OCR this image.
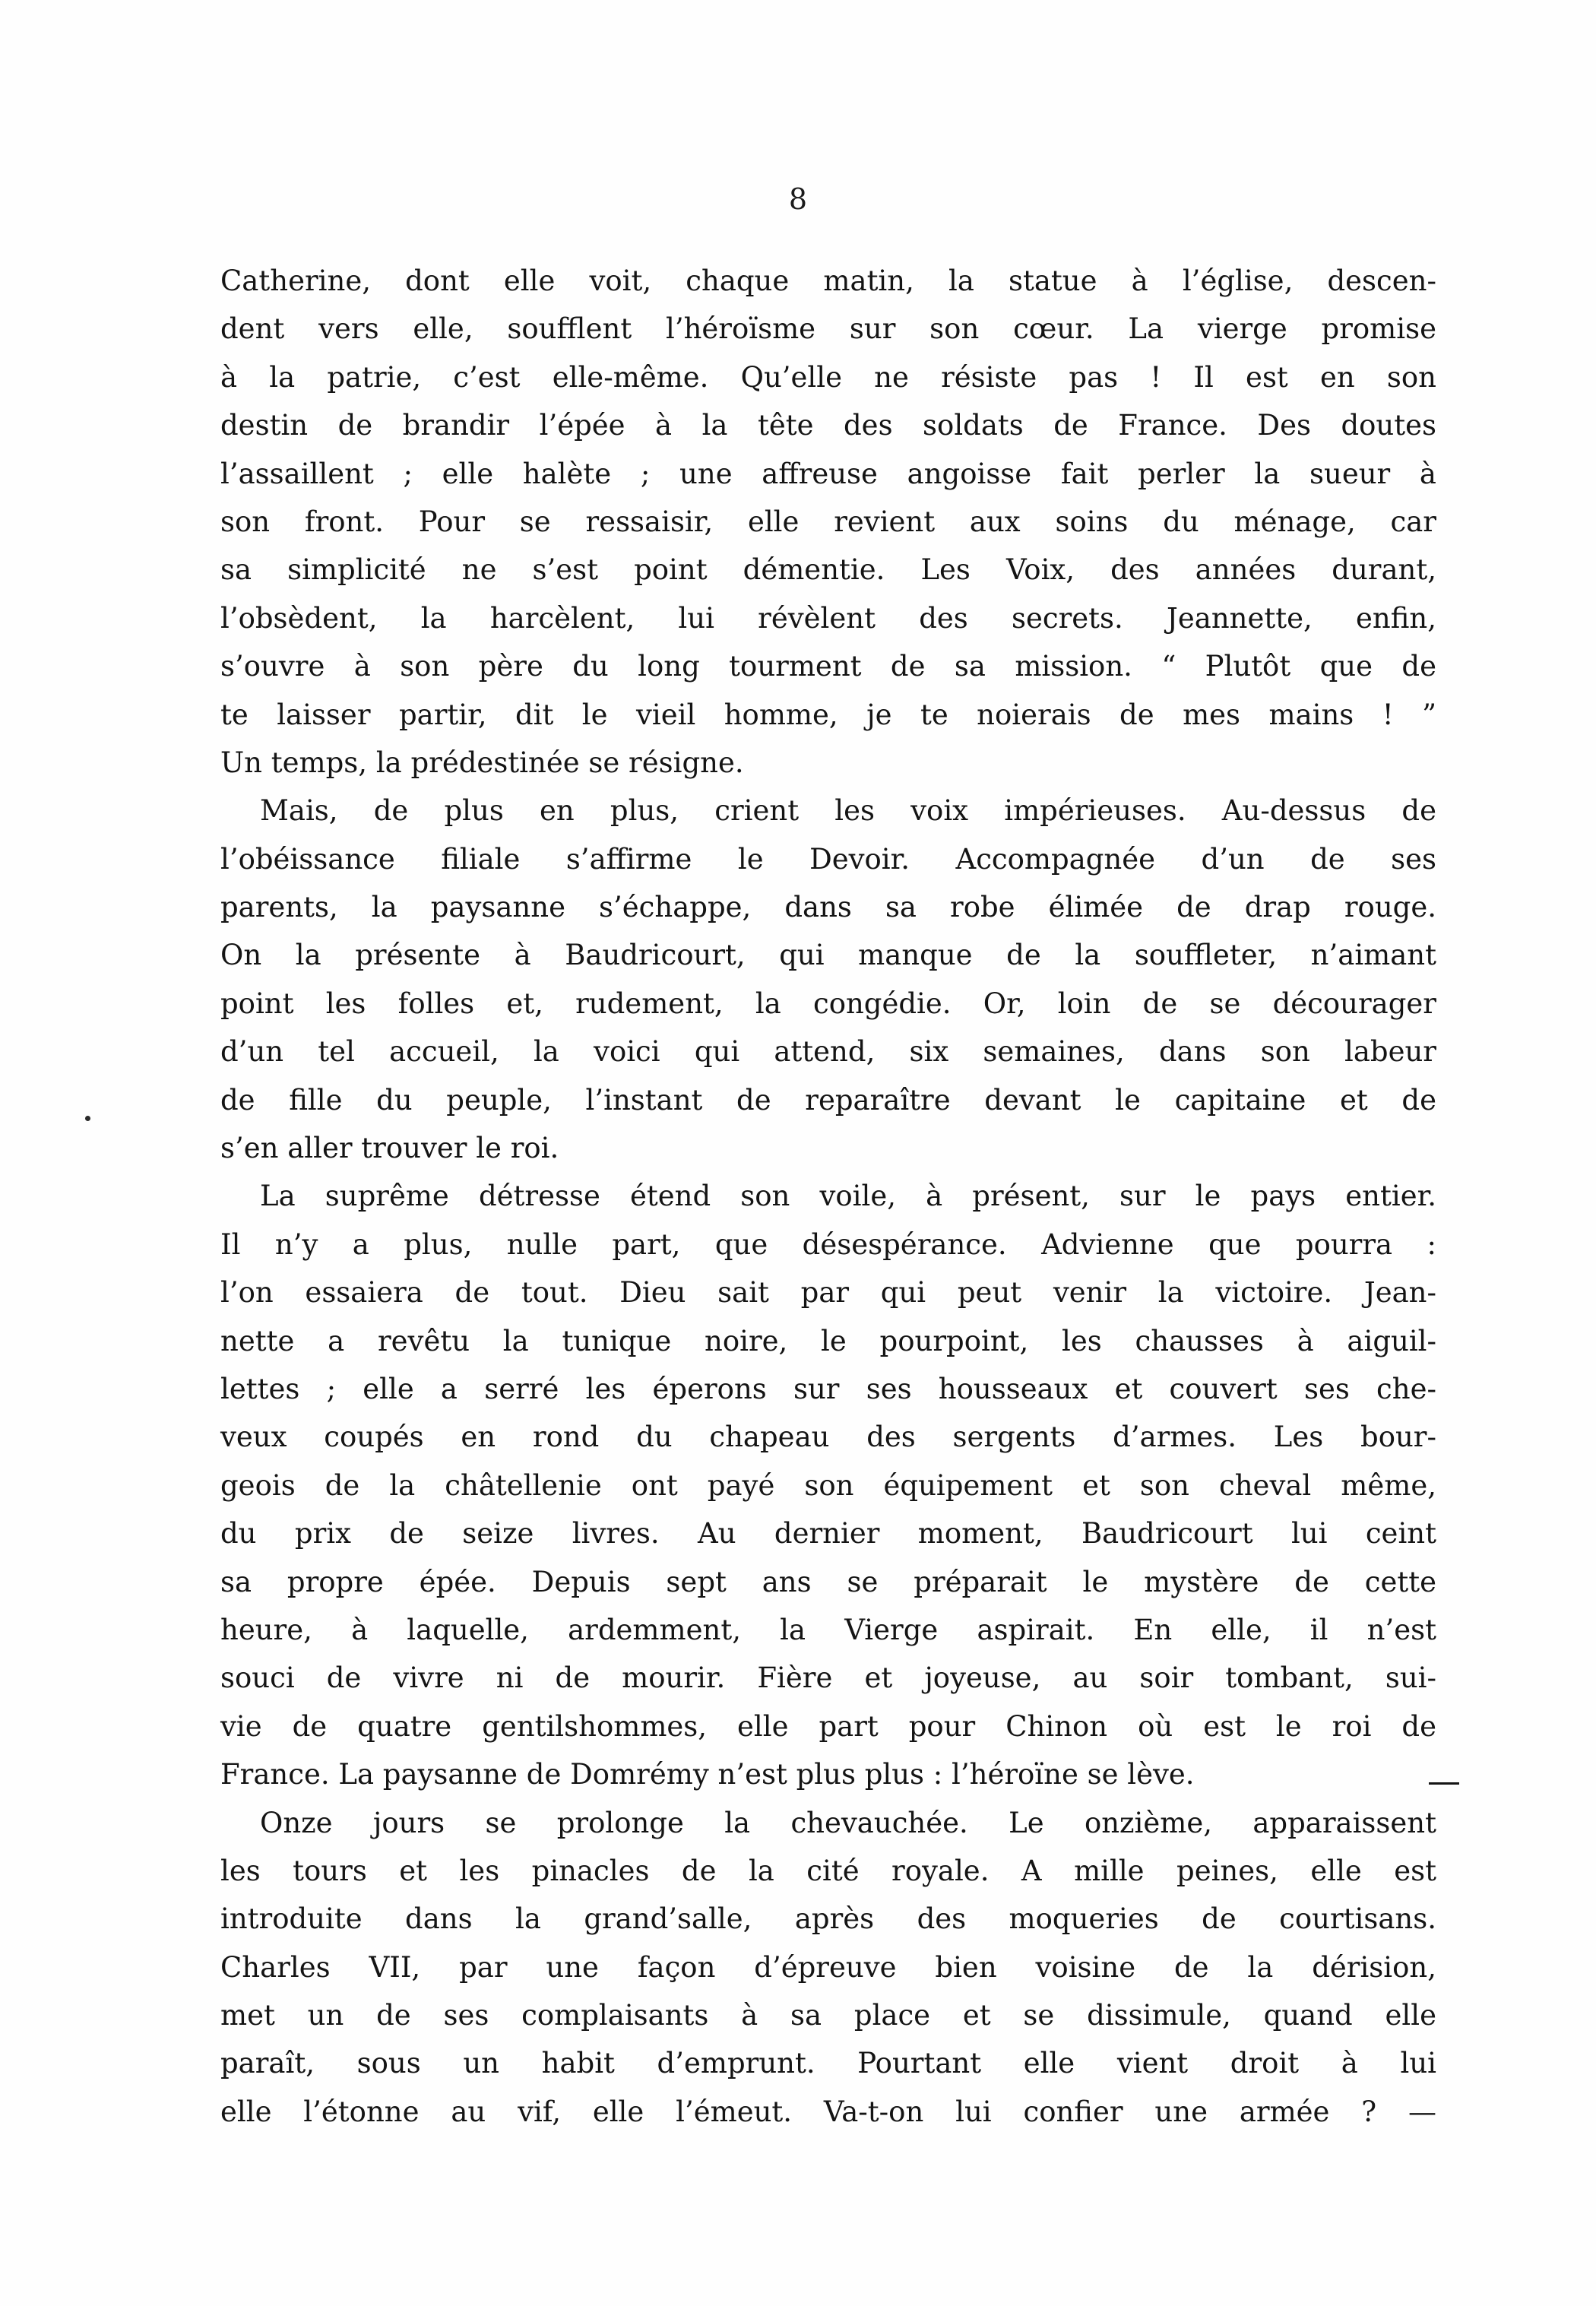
8
Catherine, dont elle voit, chaque matin, la statue à l’église, descen-
dent vers elle, soufflent l’héroïsme sur son cœur. La vierge promise
à la patrie, c’est elle-même. Qu’elle ne résiste pas ! Il est en son
destin de brandir l’épée à la tête des soldats de France. Des doutes
l’assaillent ; elle halète ; une affreuse angoisse fait perler la sueur à
son front. Pour se ressaisir, elle revient aux soins du ménage, car
sa simplicité ne s’est point démentie. Les Voix, des années durant,
l’obsèdent, la harcèlent, lui révèlent des secrets. Jeannette, enfin,
s’ouvre à son père du long tourment de sa mission. “ Plutôt que de
te laisser partir, dit le vieil homme, je te noierais de mes mains ! ”
Un temps, la prédestinée se résigne.
Mais, de plus en plus, crient les voix impérieuses. Au-dessus de
l’obéissance filiale s’affirme le Devoir. Accompagnée d’un de ses
parents, la paysanne s’échappe, dans sa robe élimée de drap rouge.
On la présente à Baudricourt, qui manque de la souffleter, n’aimant
point les folles et, rudement, la congédie. Or, loin de se décourager
d’un tel accueil, la voici qui attend, six semaines, dans son labeur
de fille du peuple, l’instant de reparaître devant le capitaine et de
s’en aller trouver le roi.
La suprême détresse étend son voile, à présent, sur le pays entier.
Il n’y a plus, nulle part, que désespérance. Advienne que pourra :
l’on essaiera de tout. Dieu sait par qui peut venir la victoire. Jean-
nette a revêtu la tunique noire, le pourpoint, les chausses à aiguil-
lettes ; elle a serré les éperons sur ses housseaux et couvert ses che-
veux coupés en rond du chapeau des sergents d’armes. Les bour-
geois de la châtellenie ont payé son équipement et son cheval même,
du prix de seize livres. Au dernier moment, Baudricourt lui ceint
sa propre épée. Depuis sept ans se préparait le mystère de cette
heure, à laquelle, ardemment, la Vierge aspirait. En elle, il n’est
souci de vivre ni de mourir. Fière et joyeuse, au soir tombant, sui-
vie de quatre gentilshommes, elle part pour Chinon où est le roi de
France. La paysanne de Domrémy n’est plus plus : l’héroïne se lève.
Onze jours se prolonge la chevauchée. Le onzième, apparaissent
les tours et les pinacles de la cité royale. A mille peines, elle est
introduite dans la grand’salle, après des moqueries de courtisans.
Charles VII, par une façon d’épreuve bien voisine de la dérision,
met un de ses complaisants à sa place et se dissimule, quand elle
paraît, sous un habit d’emprunt. Pourtant elle vient droit à lui
elle l’étonne au vif, elle l’émeut. Va-t-on lui confier une armée ? —
